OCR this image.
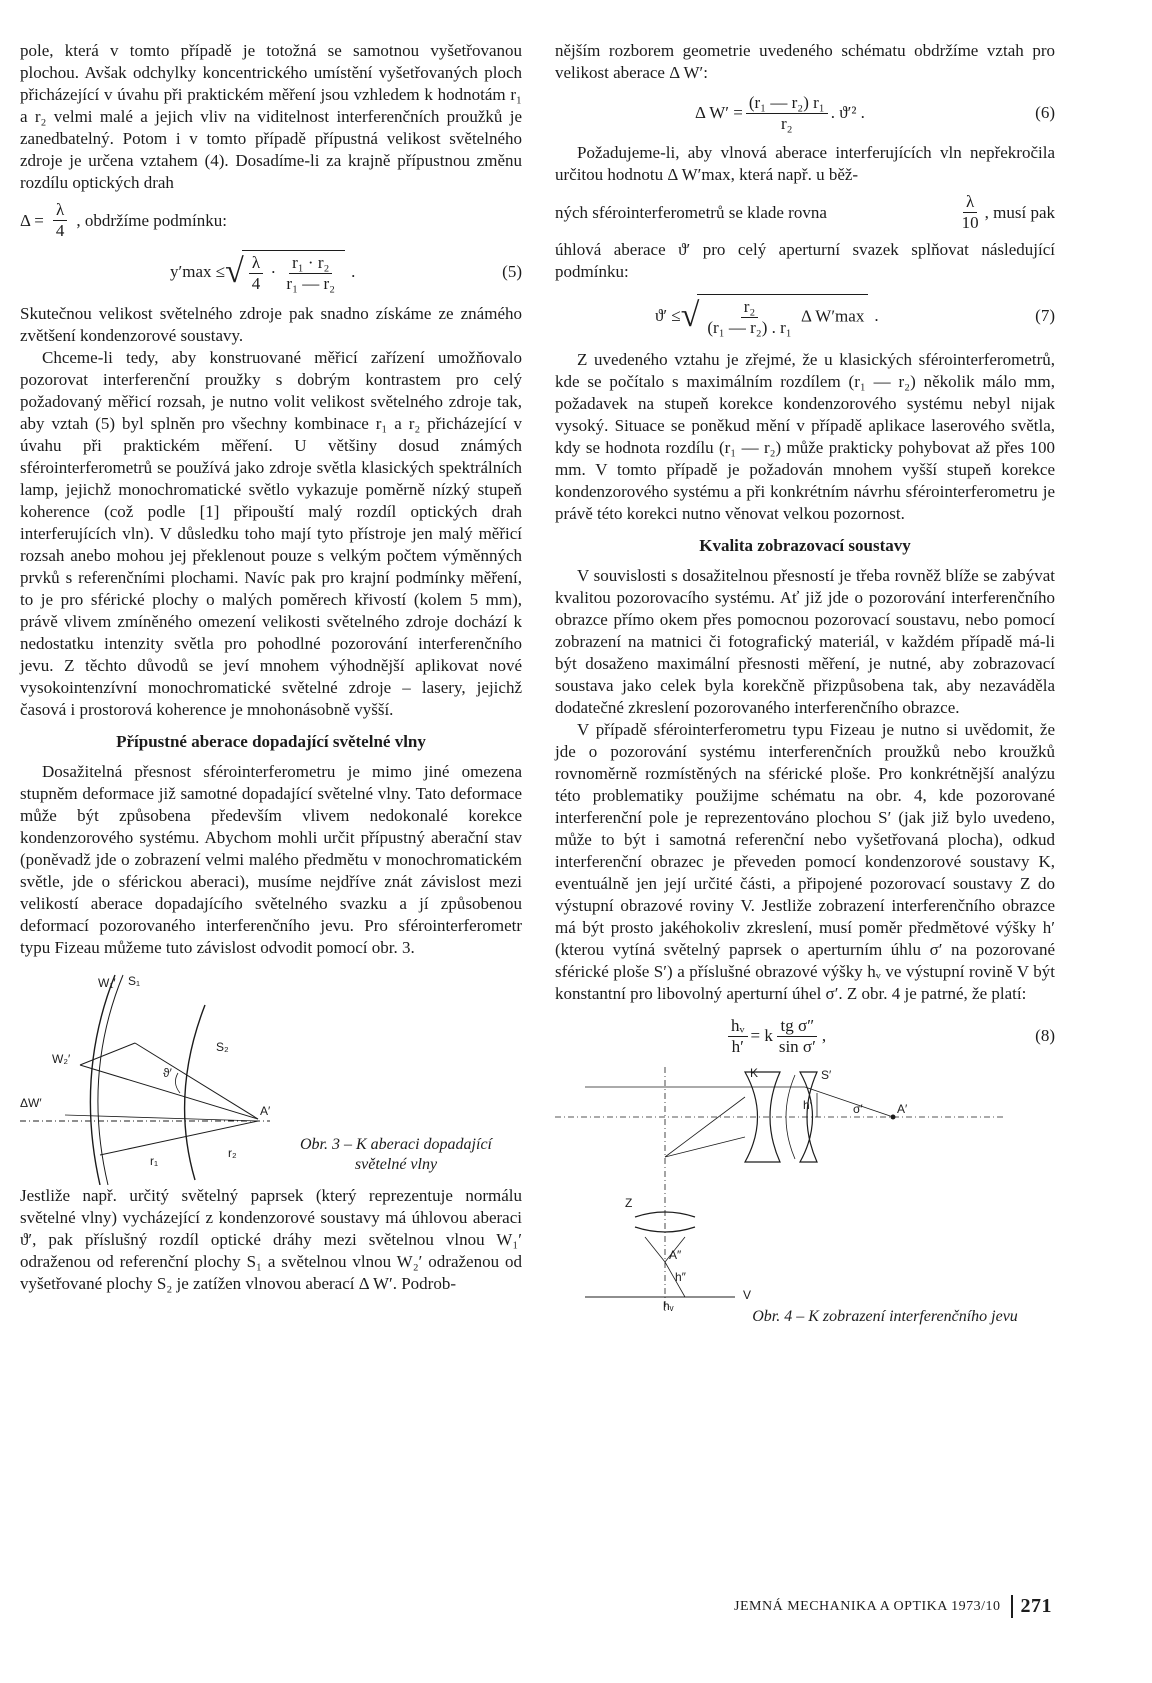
pole, která v tomto případě je totožná se samotnou vyšetřovanou plochou. Avšak odchylky koncentrického umístění vyšetřovaných ploch přicházející v úvahu při praktickém měření jsou vzhledem k hodnotám r₁ a r₂ velmi malé a jejich vliv na viditelnost interferenčních proužků je zanedbatelný. Potom i v tomto případě přípustná velikost světelného zdroje je určena vztahem (4). Dosadíme-li za krajně přípustnou změnu rozdílu optických drah

$\Delta = \frac{\lambda}{4}$ , obdržíme podmínku:
y′max ≤ √ $\frac{\lambda}{4} \cdot \frac{\text{r₁ · r₂}}{\text{r₁ — r₂}}$ .	(5)

Skutečnou velikost světelného zdroje pak snadno získáme ze známého zvětšení kondenzorové soustavy.

Chceme-li tedy, aby konstruované měřicí zařízení umožňovalo pozorovat interferenční proužky s dobrým kontrastem pro celý požadovaný měřicí rozsah, je nutno volit velikost světelného zdroje tak, aby vztah (5) byl splněn pro všechny kombinace r₁ a r₂ přicházející v úvahu při praktickém měření. U většiny dosud známých sférointerferometrů se používá jako zdroje světla klasických spektrálních lamp, jejichž monochromatické světlo vykazuje poměrně nízký stupeň koherence (což podle [1] připouští malý rozdíl optických drah interferujících vln). V důsledku toho mají tyto přístroje jen malý měřicí rozsah anebo mohou jej překlenout pouze s velkým počtem výměnných prvků s referenčními plochami. Navíc pak pro krajní podmínky měření, to je pro sférické plochy o malých poměrech křivostí (kolem 5 mm), právě vlivem zmíněného omezení velikosti světelného zdroje dochází k nedostatku intenzity světla pro pohodlné pozorování interferenčního jevu. Z těchto důvodů se jeví mnohem výhodnější aplikovat nové vysokointenzívní monochromatické světelné zdroje – lasery, jejichž časová i prostorová koherence je mnohonásobně vyšší.

Přípustné aberace dopadající světelné vlny

Dosažitelná přesnost sférointerferometru je mimo jiné omezena stupněm deformace již samotné dopadající světelné vlny. Tato deformace může být způsobena především vlivem nedokonalé korekce kondenzorového systému. Abychom mohli určit přípustný aberační stav (poněvadž jde o zobrazení velmi malého předmětu v monochromatickém světle, jde o sférickou aberaci), musíme nejdříve znát závislost mezi velikostí aberace dopadajícího světelného svazku a jí způsobenou deformací pozorovaného interferenčního jevu. Pro sférointerferometr typu Fizeau můžeme tuto závislost odvodit pomocí obr. 3.

W₁′ S₁
W₂′
S₂
ϑ′
ΔW′
A′
r₁
r₂	Obr. 3 – K aberaci dopadající
světelné vlny

Jestliže např. určitý světelný paprsek (který reprezentuje normálu světelné vlny) vycházející z kondenzorové soustavy má úhlovou aberaci ϑ′, pak příslušný rozdíl optické dráhy mezi světelnou vlnou W₁′ odraženou od referenční plochy S₁ a světelnou vlnou W₂′ odraženou od vyšetřované plochy S₂ je zatížen vlnovou aberací Δ W′. Podrob-

nějším rozborem geometrie uvedeného schématu obdržíme vztah pro velikost aberace Δ W′:

Δ $W' = \frac{\text{(r₁ — r₂) r₁}}{\text{r₂}}$ . ϑ′² .	(6)

Požadujeme-li, aby vlnová aberace interferujících vln nepřekročila určitou hodnotu Δ W′max, která např. u běž-

ných sférointerferometrů se klade rovna	$\frac{\lambda}{10}$ , musí pak

úhlová aberace ϑ′ pro celý aperturní svazek splňovat následující podmínku:

ϑ′ ≤ √ $\frac{\text{r₂}}{\text{(r₁ — r₂) . r₁}}$ Δ W′max .	(7)

Z uvedeného vztahu je zřejmé, že u klasických sférointerferometrů, kde se počítalo s maximálním rozdílem (r₁ — r₂) několik málo mm, požadavek na stupeň korekce kondenzorového systému nebyl nijak vysoký. Situace se poněkud mění v případě aplikace laserového světla, kdy se hodnota rozdílu (r₁ — r₂) může prakticky pohybovat až přes 100 mm. V tomto případě je požadován mnohem vyšší stupeň korekce kondenzorového systému a při konkrétním návrhu sférointerferometru je právě této korekci nutno věnovat velkou pozornost.

Kvalita zobrazovací soustavy

V souvislosti s dosažitelnou přesností je třeba rovněž blíže se zabývat kvalitou pozorovacího systému. Ať již jde o pozorování interferenčního obrazce přímo okem přes pomocnou pozorovací soustavu, nebo pomocí zobrazení na matnici či fotografický materiál, v každém případě má-li být dosaženo maximální přesnosti měření, je nutné, aby zobrazovací soustava jako celek byla korekčně přizpůsobena tak, aby nezaváděla dodatečné zkreslení pozorovaného interferenčního obrazce.

V případě sférointerferometru typu Fizeau je nutno si uvědomit, že jde o pozorování systému interferenčních proužků nebo kroužků rovnoměrně rozmístěných na sférické ploše. Pro konkrétnější analýzu této problematiky použijme schématu na obr. 4, kde pozorované interferenční pole je reprezentováno plochou S′ (jak již bylo uvedeno, může to být i samotná referenční nebo vyšetřovaná plocha), odkud interferenční obrazec je převeden pomocí kondenzorové soustavy K, eventuálně jen její určité části, a připojené pozorovací soustavy Z do výstupní obrazové roviny V. Jestliže zobrazení interferenčního obrazce má být prosto jakéhokoliv zkreslení, musí poměr předmětové výšky h′ (kterou vytíná světelný paprsek o aperturním úhlu σ′ na pozorované sférické ploše S′) a příslušné obrazové výšky hᵥ ve výstupní rovině V být konstantní pro libovolný aperturní úhel σ′. Z obr. 4 je patrné, že platí:

$\frac{\text{hᵥ}}{h'} = k \frac{\text{tg σ″}}{\text{sin σ′}}$ ,	(8)
K	S′
h′	σ′	A′
Z
A″
h″
hᵥ
V
Obr. 4 – K zobrazení interferenčního jevu
JEMNÁ MECHANIKA A OPTIKA 1973/10	271
